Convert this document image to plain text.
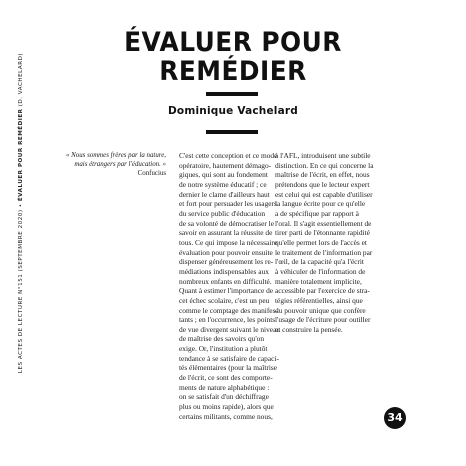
LES ACTES DE LECTURE N°151 (SEPTEMBRE 2020) • ÉVALUER POUR REMÉDIER (D. VACHELARD)
ÉVALUER POUR
REMÉDIER
Dominique Vachelard
« Nous sommes frères par la nature,
mais étrangers par l'éducation. »
Confucius
C'est cette conception et ce mode
opératoire, hautement démago-
giques, qui sont au fondement
de notre système éducatif ; ce
dernier le clame d'ailleurs haut
et fort pour persuader les usagers
du service public d'éducation
de sa volonté de démocratiser le
savoir en assurant la réussite de
tous. Ce qui impose la nécessaire
évaluation pour pouvoir ensuite
dispenser généreusement les re-
médiations indispensables aux
nombreux enfants en difficulté.
Quant à estimer l'importance de
cet échec scolaire, c'est un peu
comme le comptage des manifes-
tants ; en l'occurrence, les points
de vue divergent suivant le niveau
de maîtrise des savoirs qu'on
exige. Or, l'institution a plutôt
tendance à se satisfaire de capaci-
tés élémentaires (pour la maîtrise
de l'écrit, ce sont des comporte-
ments de nature alphabétique :
on se satisfait d'un déchiffrage
plus ou moins rapide), alors que
certains militants, comme nous,
à l'AFL, introduisent une subtile
distinction. En ce qui concerne la
maîtrise de l'écrit, en effet, nous
prétendons que le lecteur expert
est celui qui est capable d'utiliser
la langue écrite pour ce qu'elle
a de spécifique par rapport à
l'oral. Il s'agit essentiellement de
tirer parti de l'étonnante rapidité
qu'elle permet lors de l'accès et
le traitement de l'information par
l'œil, de la capacité qu'a l'écrit
à véhiculer de l'information de
manière totalement implicite,
accessible par l'exercice de stra-
tégies référentielles, ainsi que
du pouvoir unique que confère
l'usage de l'écriture pour outiller
et construire la pensée.
34
